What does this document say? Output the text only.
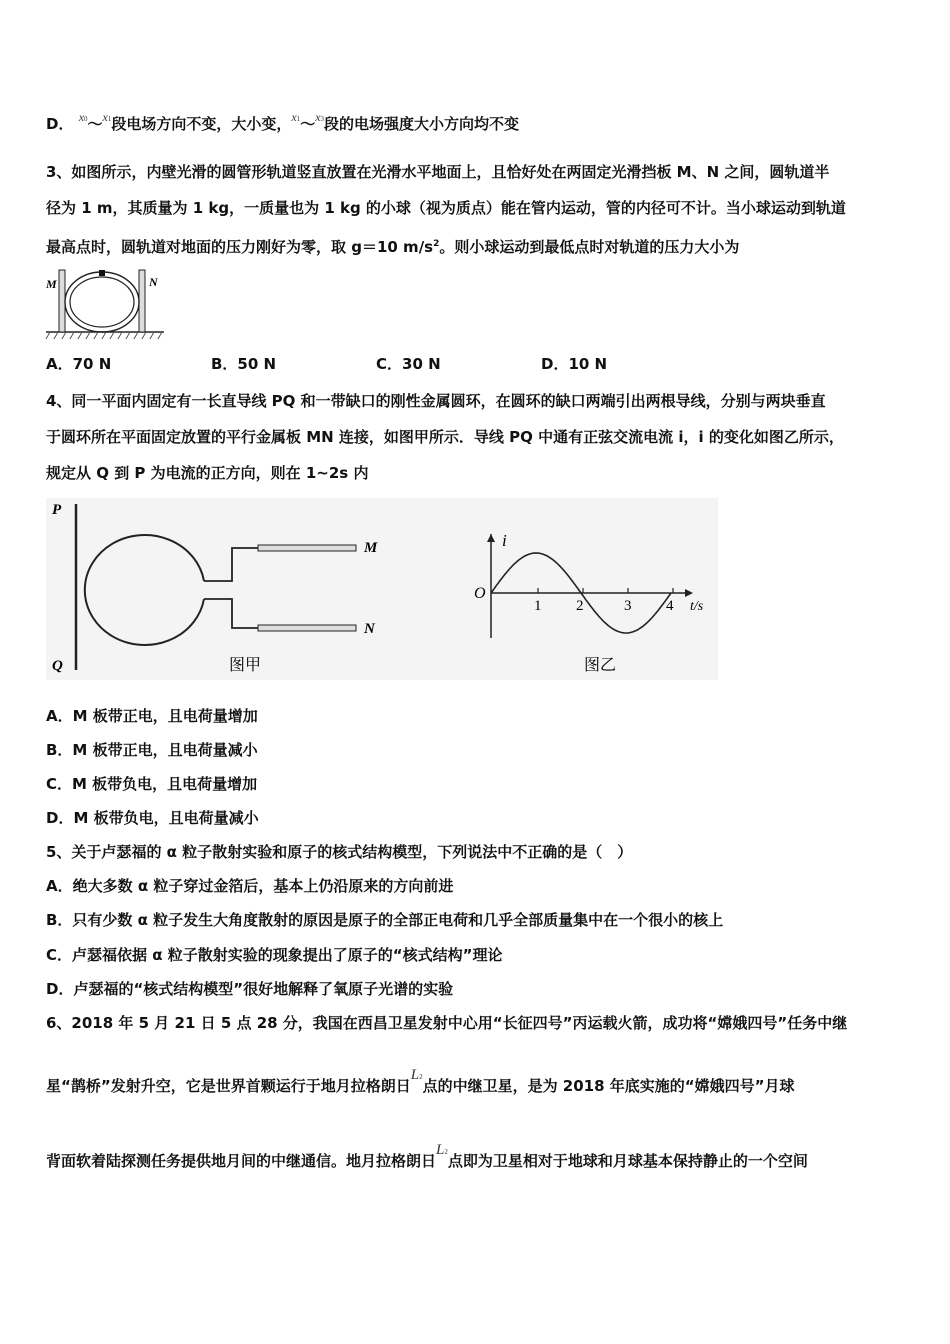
D． $^{x0}$～$^{x1}$段电场方向不变，大小变，$^{x1}$～$^{x3}$段的电场强度大小方向均不变
3、如图所示，内壁光滑的圆管形轨道竖直放置在光滑水平地面上，且恰好处在两固定光滑挡板 M、N 之间，圆轨道半
径为 1 m，其质量为 1 kg，一质量也为 1 kg 的小球（视为质点）能在管内运动，管的内径可不计。当小球运动到轨道
最高点时，圆轨道对地面的压力刚好为零，取 g＝10 $m/s^2$。则小球运动到最低点时对轨道的压力大小为
M	N
A．70 N	B．50 N	C．30 N	D．10 N
4、同一平面内固定有一长直导线 PQ 和一带缺口的刚性金属圆环，在圆环的缺口两端引出两根导线，分别与两块垂直
于圆环所在平面固定放置的平行金属板 MN 连接，如图甲所示．导线 PQ 中通有正弦交流电流 i，i 的变化如图乙所示，
规定从 Q 到 P 为电流的正方向，则在 1~2s 内
P
Q
M
N
图甲
i
O
1 2	3 4 t/s
图乙
A．M 板带正电，且电荷量增加
B．M 板带正电，且电荷量减小
C．M 板带负电，且电荷量增加
D．M 板带负电，且电荷量减小
5、关于卢瑟福的 α 粒子散射实验和原子的核式结构模型，下列说法中不正确的是（　）
A．绝大多数 α 粒子穿过金箔后，基本上仍沿原来的方向前进
B．只有少数 α 粒子发生大角度散射的原因是原子的全部正电荷和几乎全部质量集中在一个很小的核上
C．卢瑟福依据 α 粒子散射实验的现象提出了原子的“核式结构”理论
D．卢瑟福的“核式结构模型”很好地解释了氧原子光谱的实验
6、2018 年 5 月 21 日 5 点 28 分，我国在西昌卫星发射中心用“长征四号”丙运载火箭，成功将“嫦娥四号”任务中继
星“鹊桥”发射升空，它是世界首颗运行于地月拉格朗日L2点的中继卫星，是为 2018 年底实施的“嫦娥四号”月球
背面软着陆探测任务提供地月间的中继通信。地月拉格朗日L2点即为卫星相对于地球和月球基本保持静止的一个空间
